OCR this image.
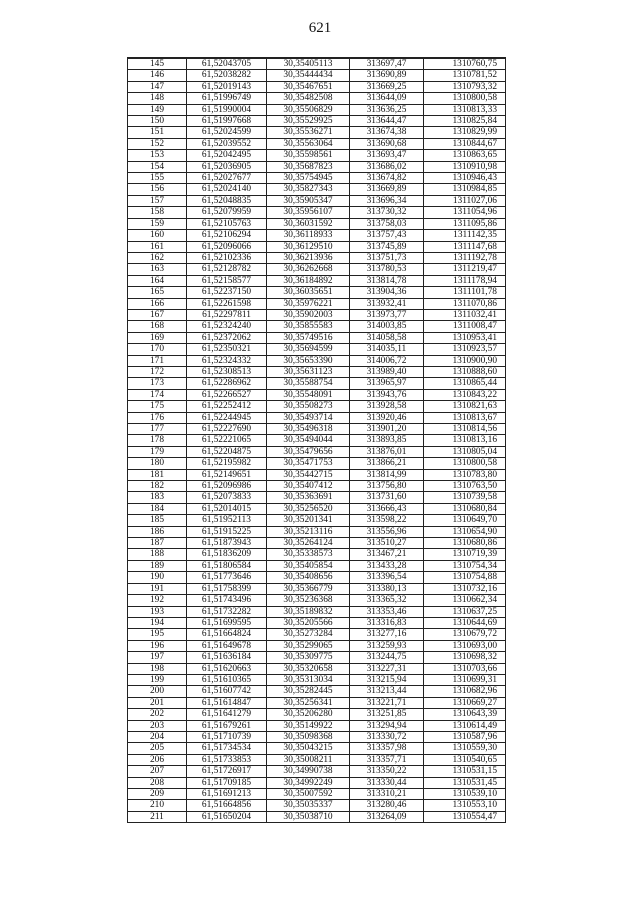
621
145	61,52043705	30,35405113	313697,47	1310760,75
146	61,52038282	30,35444434	313690,89	1310781,52
147	61,52019143	30,35467651	313669,25	1310793,32
148	61,51996749	30,35482508	313644,09	1310800,58
149	61,51990004	30,35506829	313636,25	1310813,33
150	61,51997668	30,35529925	313644,47	1310825,84
151	61,52024599	30,35536271	313674,38	1310829,99
152	61,52039552	30,35563064	313690,68	1310844,67
153	61,52042495	30,35598561	313693,47	1310863,65
154	61,52036905	30,35687823	313686,02	1310910,98
155	61,52027677	30,35754945	313674,82	1310946,43
156	61,52024140	30,35827343	313669,89	1310984,85
157	61,52048835	30,35905347	313696,34	1311027,06
158	61,52079959	30,35956107	313730,32	1311054,96
159	61,52105763	30,36031592	313758,03	1311095,86
160	61,52106294	30,36118933	313757,43	1311142,35
161	61,52096066	30,36129510	313745,89	1311147,68
162	61,52102336	30,36213936	313751,73	1311192,78
163	61,52128782	30,36262668	313780,53	1311219,47
164	61,52158577	30,36184892	313814,78	1311178,94
165	61,52237150	30,36035651	313904,36	1311101,78
166	61,52261598	30,35976221	313932,41	1311070,86
167	61,52297811	30,35902003	313973,77	1311032,41
168	61,52324240	30,35855583	314003,85	1311008,47
169	61,52372062	30,35749516	314058,58	1310953,41
170	61,52350321	30,35694599	314035,11	1310923,57
171	61,52324332	30,35653390	314006,72	1310900,90
172	61,52308513	30,35631123	313989,40	1310888,60
173	61,52286962	30,35588754	313965,97	1310865,44
174	61,52266527	30,35548091	313943,76	1310843,22
175	61,52252412	30,35508273	313928,58	1310821,63
176	61,52244945	30,35493714	313920,46	1310813,67
177	61,52227690	30,35496318	313901,20	1310814,56
178	61,52221065	30,35494044	313893,85	1310813,16
179	61,52204875	30,35479656	313876,01	1310805,04
180	61,52195982	30,35471753	313866,21	1310800,58
181	61,52149651	30,35442715	313814,99	1310783,80
182	61,52096986	30,35407412	313756,80	1310763,50
183	61,52073833	30,35363691	313731,60	1310739,58
184	61,52014015	30,35256520	313666,43	1310680,84
185	61,51952113	30,35201341	313598,22	1310649,70
186	61,51915225	30,35213116	313556,96	1310654,90
187	61,51873943	30,35264124	313510,27	1310680,86
188	61,51836209	30,35338573	313467,21	1310719,39
189	61,51806584	30,35405854	313433,28	1310754,34
190	61,51773646	30,35408656	313396,54	1310754,88
191	61,51758399	30,35366779	313380,13	1310732,16
192	61,51743496	30,35236368	313365,32	1310662,34
193	61,51732282	30,35189832	313353,46	1310637,25
194	61,51699595	30,35205566	313316,83	1310644,69
195	61,51664824	30,35273284	313277,16	1310679,72
196	61,51649678	30,35299065	313259,93	1310693,00
197	61,51636184	30,35309775	313244,75	1310698,32
198	61,51620663	30,35320658	313227,31	1310703,66
199	61,51610365	30,35313034	313215,94	1310699,31
200	61,51607742	30,35282445	313213,44	1310682,96
201	61,51614847	30,35256341	313221,71	1310669,27
202	61,51641279	30,35206280	313251,85	1310643,39
203	61,51679261	30,35149922	313294,94	1310614,49
204	61,51710739	30,35098368	313330,72	1310587,96
205	61,51734534	30,35043215	313357,98	1310559,30
206	61,51733853	30,35008211	313357,71	1310540,65
207	61,51726917	30,34990738	313350,22	1310531,15
208	61,51709185	30,34992249	313330,44	1310531,45
209	61,51691213	30,35007592	313310,21	1310539,10
210	61,51664856	30,35035337	313280,46	1310553,10
211	61,51650204	30,35038710	313264,09	1310554,47
